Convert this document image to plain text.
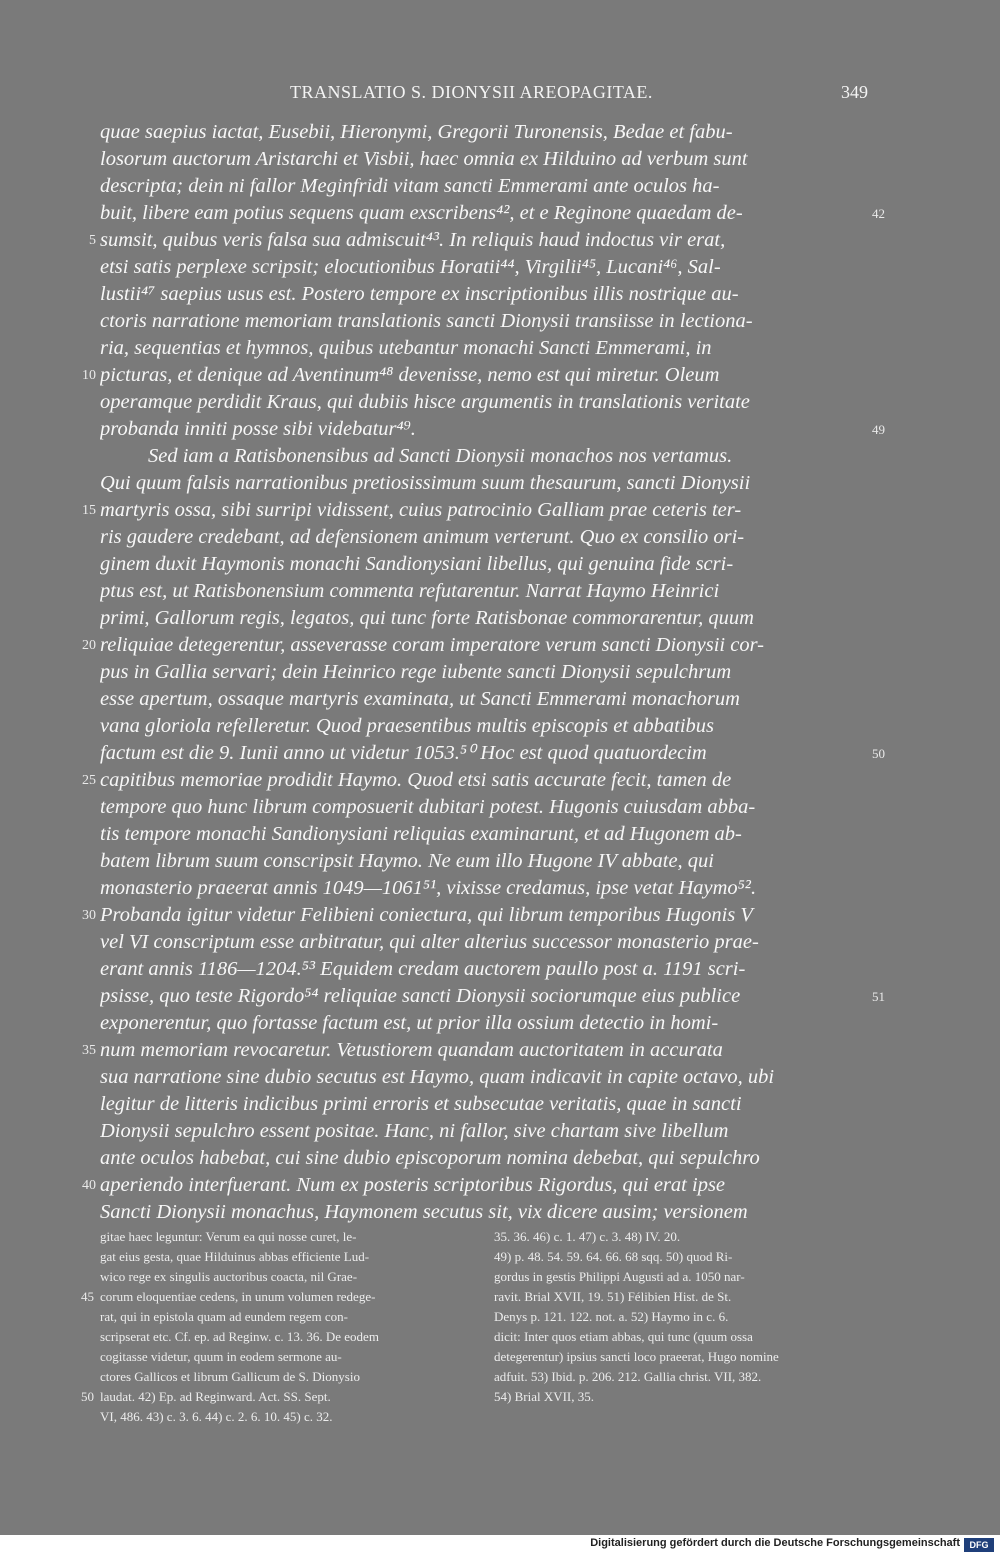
TRANSLATIO S. DIONYSII AREOPAGITAE.	349
quae saepius iactat, Eusebii, Hieronymi, Gregorii Turonensis, Bedae et fabu-
losorum auctorum Aristarchi et Visbii, haec omnia ex Hilduino ad verbum sunt
descripta; dein ni fallor Meginfridi vitam sancti Emmerami ante oculos ha-
buit, libere eam potius sequens quam exscribens⁴², et e Reginone quaedam de-
sumsit, quibus veris falsa sua admiscuit⁴³. In reliquis haud indoctus vir erat,
etsi satis perplexe scripsit; elocutionibus Horatii⁴⁴, Virgilii⁴⁵, Lucani⁴⁶, Sal-
lustii⁴⁷ saepius usus est. Postero tempore ex inscriptionibus illis nostrique au-
ctoris narratione memoriam translationis sancti Dionysii transiisse in lectiona-
ria, sequentias et hymnos, quibus utebantur monachi Sancti Emmerami, in
picturas, et denique ad Aventinum⁴⁸ devenisse, nemo est qui miretur. Oleum
operamque perdidit Kraus, qui dubiis hisce argumentis in translationis veritate
probanda inniti posse sibi videbatur⁴⁹.
Sed iam a Ratisbonensibus ad Sancti Dionysii monachos nos vertamus.
Qui quum falsis narrationibus pretiosissimum suum thesaurum, sancti Dionysii
martyris ossa, sibi surripi vidissent, cuius patrocinio Galliam prae ceteris ter-
ris gaudere credebant, ad defensionem animum verterunt. Quo ex consilio ori-
ginem duxit Haymonis monachi Sandionysiani libellus, qui genuina fide scri-
ptus est, ut Ratisbonensium commenta refutarentur. Narrat Haymo Heinrici
primi, Gallorum regis, legatos, qui tunc forte Ratisbonae commorarentur, quum
reliquiae detegerentur, asseverasse coram imperatore verum sancti Dionysii cor-
pus in Gallia servari; dein Heinrico rege iubente sancti Dionysii sepulchrum
esse apertum, ossaque martyris examinata, ut Sancti Emmerami monachorum
vana gloriola refelleretur. Quod praesentibus multis episcopis et abbatibus
factum est die 9. Iunii anno ut videtur 1053.⁵⁰ Hoc est quod quatuordecim
capitibus memoriae prodidit Haymo. Quod etsi satis accurate fecit, tamen de
tempore quo hunc librum composuerit dubitari potest. Hugonis cuiusdam abba-
tis tempore monachi Sandionysiani reliquias examinarunt, et ad Hugonem ab-
batem librum suum conscripsit Haymo. Ne eum illo Hugone IV abbate, qui
monasterio praeerat annis 1049—1061⁵¹, vixisse credamus, ipse vetat Haymo⁵².
Probanda igitur videtur Felibieni coniectura, qui librum temporibus Hugonis V
vel VI conscriptum esse arbitratur, qui alter alterius successor monasterio prae-
erant annis 1186—1204.⁵³ Equidem credam auctorem paullo post a. 1191 scri-
psisse, quo teste Rigordo⁵⁴ reliquiae sancti Dionysii sociorumque eius publice
exponerentur, quo fortasse factum est, ut prior illa ossium detectio in homi-
num memoriam revocaretur. Vetustiorem quandam auctoritatem in accurata
sua narratione sine dubio secutus est Haymo, quam indicavit in capite octavo, ubi
legitur de litteris indicibus primi erroris et subsecutae veritatis, quae in sancti
Dionysii sepulchro essent positae. Hanc, ni fallor, sive chartam sive libellum
ante oculos habebat, cui sine dubio episcoporum nomina debebat, qui sepulchro
aperiendo interfuerant. Num ex posteris scriptoribus Rigordus, qui erat ipse
Sancti Dionysii monachus, Haymonem secutus sit, vix dicere ausim; versionem
5
10
15
20
25
30
35
40
42
49
50
51
gitae haec leguntur: Verum ea qui nosse curet, le-
gat eius gesta, quae Hilduinus abbas efficiente Lud-
wico rege ex singulis auctoribus coacta, nil Grae-
corum eloquentiae cedens, in unum volumen redege-
rat, qui in epistola quam ad eundem regem con-
scripserat etc. Cf. ep. ad Reginw. c. 13. 36. De eodem
cogitasse videtur, quum in eodem sermone au-
ctores Gallicos et librum Gallicum de S. Dionysio
laudat. 42) Ep. ad Reginward. Act. SS. Sept.
VI, 486. 43) c. 3. 6. 44) c. 2. 6. 10. 45) c. 32.
45
50
35. 36. 46) c. 1. 47) c. 3. 48) IV. 20.
49) p. 48. 54. 59. 64. 66. 68 sqq. 50) quod Ri-
gordus in gestis Philippi Augusti ad a. 1050 nar-
ravit. Brial XVII, 19. 51) Félibien Hist. de St.
Denys p. 121. 122. not. a. 52) Haymo in c. 6.
dicit: Inter quos etiam abbas, qui tunc (quum ossa
detegerentur) ipsius sancti loco praeerat, Hugo nomine
adfuit. 53) Ibid. p. 206. 212. Gallia christ. VII, 382.
54) Brial XVII, 35.
Digitalisierung gefördert durch die Deutsche Forschungsgemeinschaft	DFG
